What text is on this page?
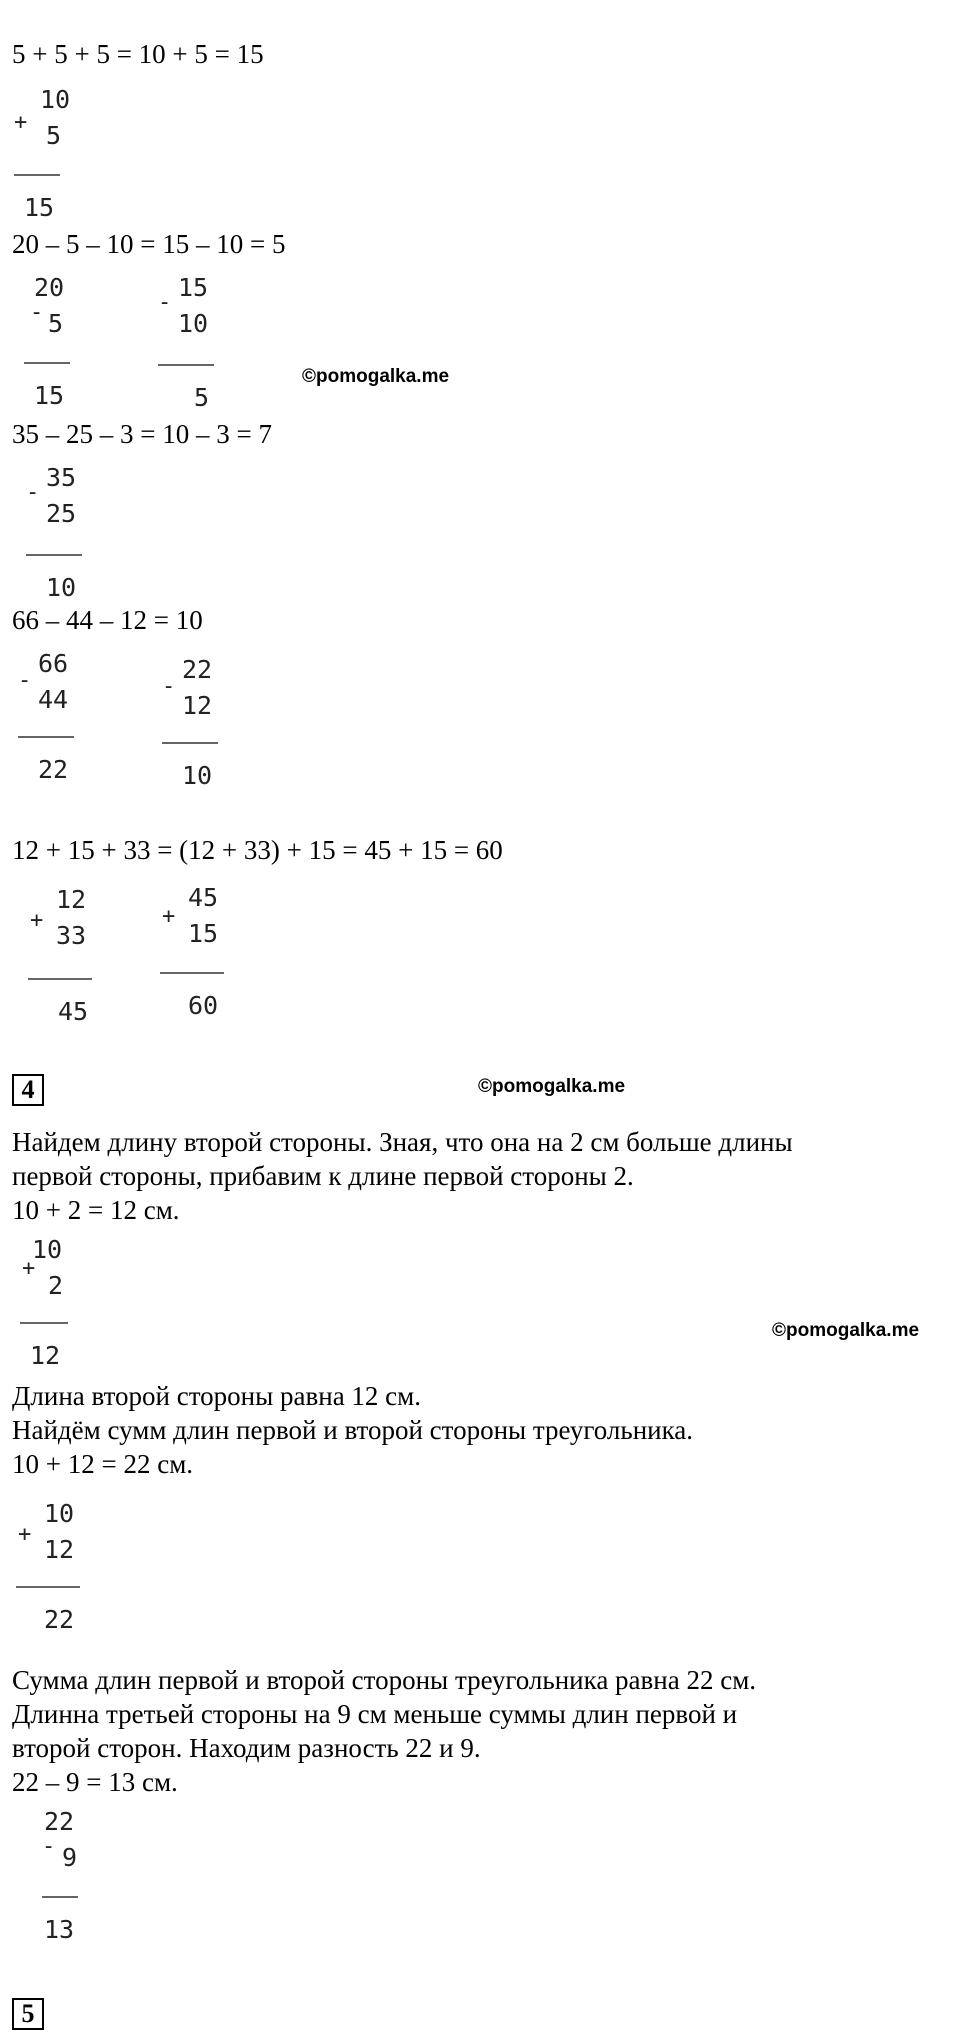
5 + 5 + 5 = 10 + 5 = 15
10
+ 5
15
20 – 5 – 10 = 15 – 10 = 5
20
- 5
15
-
15
10
5
©pomogalka.me
35 – 25 – 3 = 10 – 3 = 7
-
35
25
10
66 – 44 – 12 = 10
-
66
44
22
-
22
12
10
12 + 15 + 33 = (12 + 33) + 15 = 45 + 15 = 60
+
12
33
45
+
45
15
60
4	©pomogalka.me
Найдем длину второй стороны. Зная, что она на 2 см больше длины
первой стороны, прибавим к длине первой стороны 2.
10 + 2 = 12 см.
+
10
2
12
©pomogalka.me
Длина второй стороны равна 12 см.
Найдём сумм длин первой и второй стороны треугольника.
10 + 12 = 22 см.
+
10
12
22
Сумма длин первой и второй стороны треугольника равна 22 см.
Длинна третьей стороны на 9 см меньше суммы длин первой и
второй сторон. Находим разность 22 и 9.
22 – 9 = 13 см.
-
22
9
13
5
